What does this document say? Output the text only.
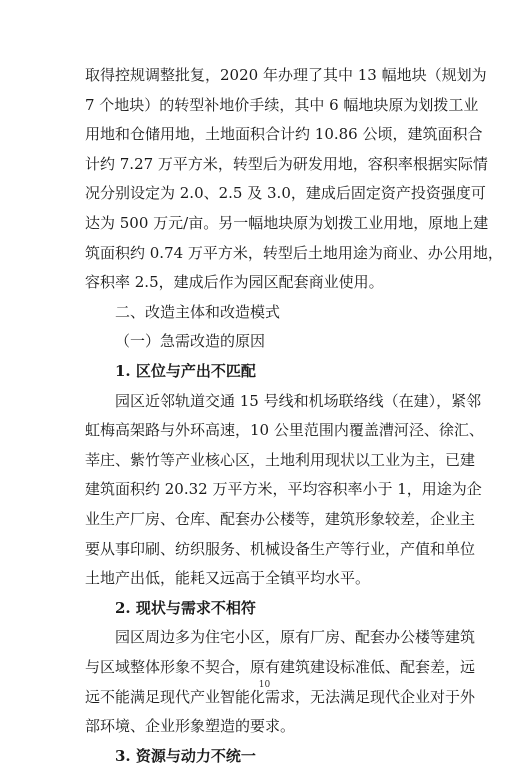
取得控规调整批复，2020 年办理了其中 13 幅地块（规划为
7 个地块）的转型补地价手续，其中 6 幅地块原为划拨工业
用地和仓储用地，土地面积合计约 10.86 公顷，建筑面积合
计约 7.27 万平方米，转型后为研发用地，容积率根据实际情
况分别设定为 2.0、2.5 及 3.0，建成后固定资产投资强度可
达为 500 万元/亩。另一幅地块原为划拨工业用地，原地上建
筑面积约 0.74 万平方米，转型后土地用途为商业、办公用地，
容积率 2.5，建成后作为园区配套商业使用。
二、改造主体和改造模式
（一）急需改造的原因
1. 区位与产出不匹配
园区近邻轨道交通 15 号线和机场联络线（在建），紧邻
虹梅高架路与外环高速，10 公里范围内覆盖漕河泾、徐汇、
莘庄、紫竹等产业核心区，土地利用现状以工业为主，已建
建筑面积约 20.32 万平方米，平均容积率小于 1，用途为企
业生产厂房、仓库、配套办公楼等，建筑形象较差，企业主
要从事印刷、纺织服务、机械设备生产等行业，产值和单位
土地产出低，能耗又远高于全镇平均水平。
2. 现状与需求不相符
园区周边多为住宅小区，原有厂房、配套办公楼等建筑
与区域整体形象不契合，原有建筑建设标准低、配套差，远
远不能满足现代产业智能化需求，无法满足现代企业对于外
部环境、企业形象塑造的要求。
3. 资源与动力不统一
10
